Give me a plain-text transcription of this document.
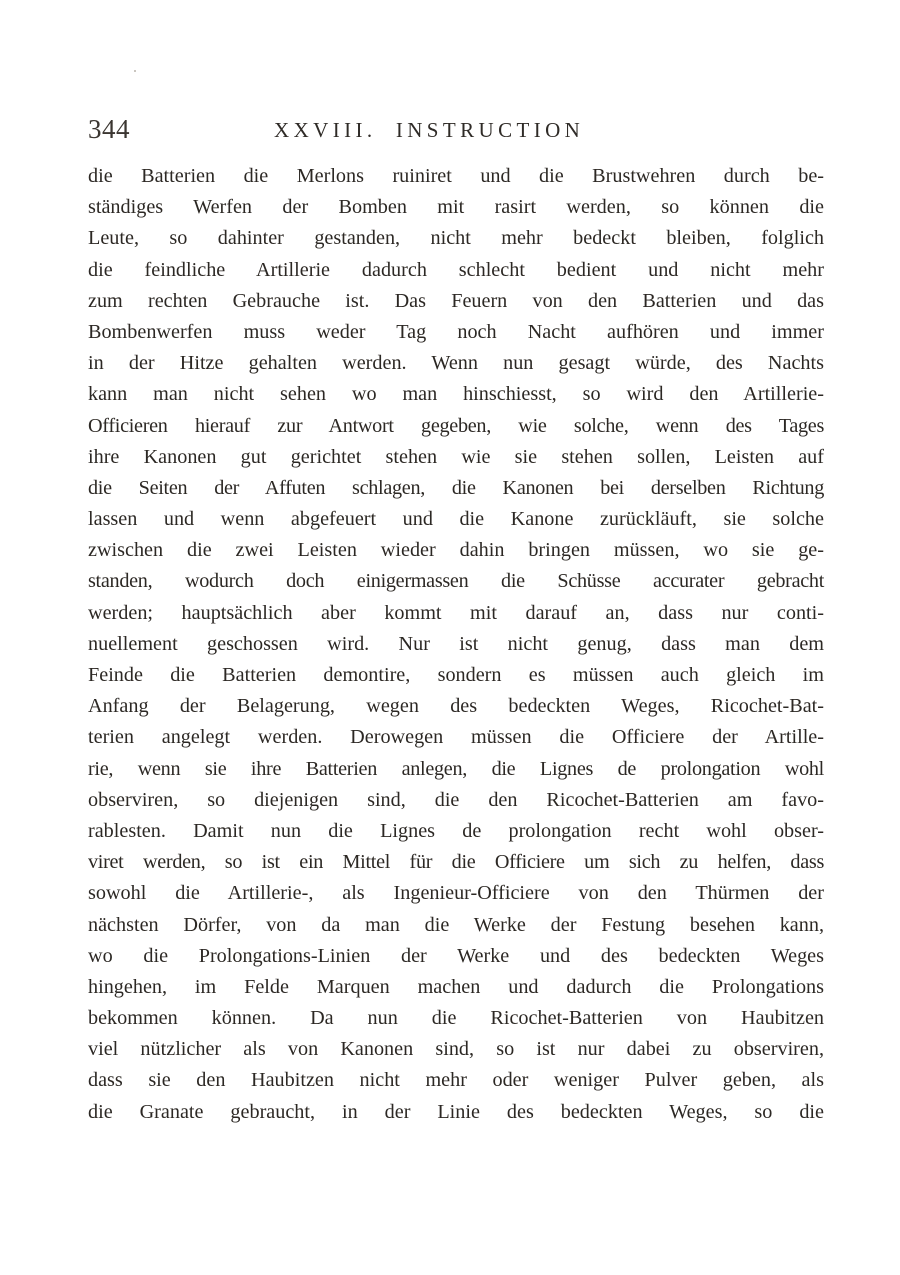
344	XXVIII.  INSTRUCTION
die Batterien die Merlons ruiniret und die Brustwehren durch be-
ständiges Werfen der Bomben mit rasirt werden, so können die
Leute, so dahinter gestanden, nicht mehr bedeckt bleiben, folglich
die feindliche Artillerie dadurch schlecht bedient und nicht mehr
zum rechten Gebrauche ist. Das Feuern von den Batterien und das
Bombenwerfen muss weder Tag noch Nacht aufhören und immer
in der Hitze gehalten werden. Wenn nun gesagt würde, des Nachts
kann man nicht sehen wo man hinschiesst, so wird den Artillerie-
Officieren hierauf zur Antwort gegeben, wie solche, wenn des Tages
ihre Kanonen gut gerichtet stehen wie sie stehen sollen, Leisten auf
die Seiten der Affuten schlagen, die Kanonen bei derselben Richtung
lassen und wenn abgefeuert und die Kanone zurückläuft, sie solche
zwischen die zwei Leisten wieder dahin bringen müssen, wo sie ge-
standen, wodurch doch einigermassen die Schüsse accurater gebracht
werden; hauptsächlich aber kommt mit darauf an, dass nur conti-
nuellement geschossen wird. Nur ist nicht genug, dass man dem
Feinde die Batterien demontire, sondern es müssen auch gleich im
Anfang der Belagerung, wegen des bedeckten Weges, Ricochet-Bat-
terien angelegt werden. Derowegen müssen die Officiere der Artille-
rie, wenn sie ihre Batterien anlegen, die Lignes de prolongation wohl
observiren, so diejenigen sind, die den Ricochet-Batterien am favo-
rablesten. Damit nun die Lignes de prolongation recht wohl obser-
viret werden, so ist ein Mittel für die Officiere um sich zu helfen, dass
sowohl die Artillerie-, als Ingenieur-Officiere von den Thürmen der
nächsten Dörfer, von da man die Werke der Festung besehen kann,
wo die Prolongations-Linien der Werke und des bedeckten Weges
hingehen, im Felde Marquen machen und dadurch die Prolongations
bekommen können. Da nun die Ricochet-Batterien von Haubitzen
viel nützlicher als von Kanonen sind, so ist nur dabei zu observiren,
dass sie den Haubitzen nicht mehr oder weniger Pulver geben, als
die Granate gebraucht, in der Linie des bedeckten Weges, so die
